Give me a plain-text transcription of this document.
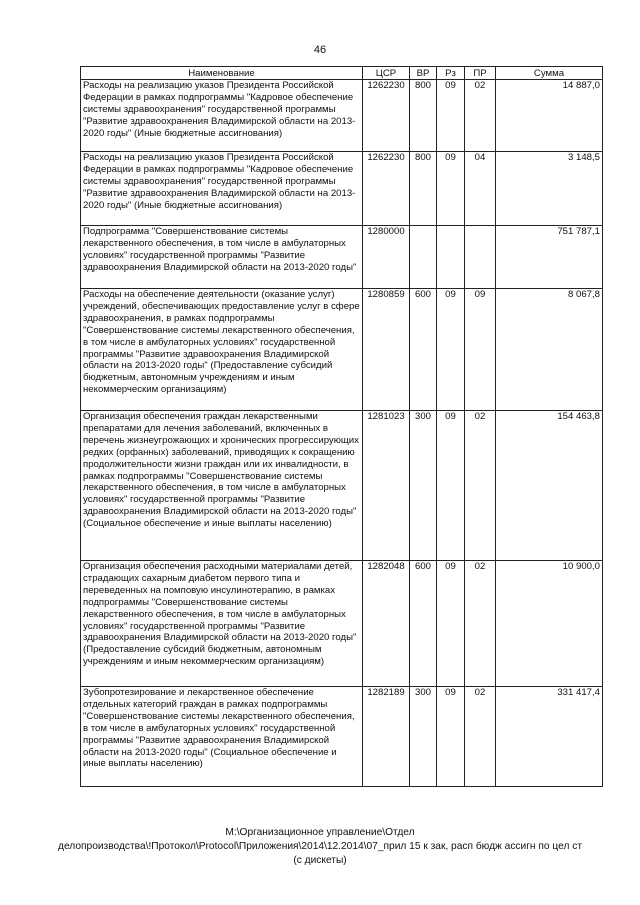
46
Наименование	ЦСР	ВР	Рз	ПР	Сумма
Расходы на реализацию указов Президента Российской Федерации в рамках подпрограммы "Кадровое обеспечение системы здравоохранения" государственной программы "Развитие здравоохранения Владимирской области на 2013-2020 годы" (Иные бюджетные ассигнования)	1262230	800	09	02	14 887,0
Расходы на реализацию указов Президента Российской Федерации в рамках подпрограммы "Кадровое обеспечение системы здравоохранения" государственной программы "Развитие здравоохранения Владимирской области на 2013-2020 годы" (Иные бюджетные ассигнования)	1262230	800	09	04	3 148,5
Подпрограмма "Совершенствование системы лекарственного обеспечения, в том числе в амбулаторных условиях" государственной программы "Развитие здравоохранения Владимирской области на 2013-2020 годы"	1280000				751 787,1
Расходы на обеспечение деятельности (оказание услуг) учреждений, обеспечивающих предоставление услуг в сфере здравоохранения, в рамках подпрограммы "Совершенствование системы лекарственного обеспечения, в том числе в амбулаторных условиях" государственной программы "Развитие здравоохранения Владимирской области на 2013-2020 годы" (Предоставление субсидий бюджетным, автономным учреждениям и иным некоммерческим организациям)	1280859	600	09	09	8 067,8
Организация обеспечения граждан лекарственными препаратами для лечения заболеваний, включенных в перечень жизнеугрожающих и хронических прогрессирующих редких (орфанных) заболеваний, приводящих к сокращению продолжительности жизни граждан или их инвалидности, в рамках подпрограммы "Совершенствование системы лекарственного обеспечения, в том числе в амбулаторных условиях" государственной программы "Развитие здравоохранения Владимирской области на 2013-2020 годы" (Социальное обеспечение и иные выплаты населению)	1281023	300	09	02	154 463,8
Организация обеспечения расходными материалами детей, страдающих сахарным диабетом первого типа и переведенных на помповую инсулинотерапию, в рамках подпрограммы "Совершенствование системы лекарственного обеспечения, в том числе в амбулаторных условиях" государственной программы "Развитие здравоохранения Владимирской области на 2013-2020 годы" (Предоставление субсидий бюджетным, автономным учреждениям и иным некоммерческим организациям)	1282048	600	09	02	10 900,0
Зубопротезирование и лекарственное обеспечение отдельных категорий граждан в рамках подпрограммы "Совершенствование системы лекарственного обеспечения, в том числе в амбулаторных условиях" государственной программы "Развитие здравоохранения Владимирской области на 2013-2020 годы" (Социальное обеспечение и иные выплаты населению)	1282189	300	09	02	331 417,4
M:\Организационное управление\Отдел
делопроизводства\!Протокол\Protocol\Приложения\2014\12.2014\07_прил 15 к зак, расп бюдж ассигн по цел ст
(с дискеты)
